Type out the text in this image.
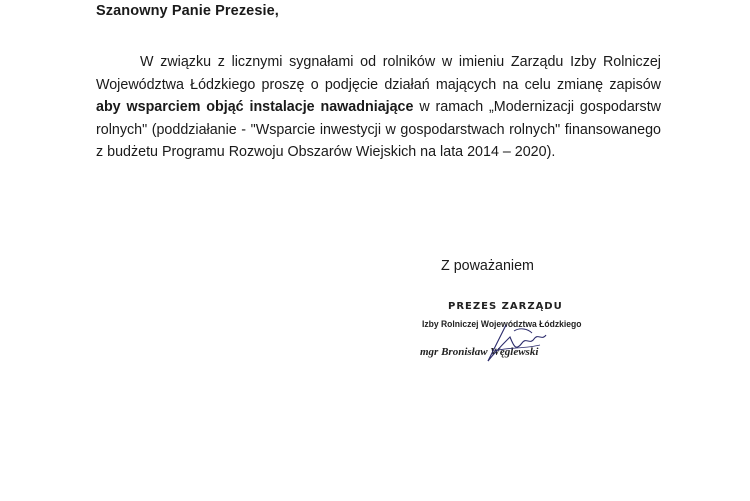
Szanowny Panie Prezesie,

W związku z licznymi sygnałami od rolników w imieniu Zarządu Izby Rolniczej Województwa Łódzkiego proszę o podjęcie działań mających na celu zmianę zapisów aby wsparciem objąć instalacje nawadniające w ramach „Modernizacji gospodarstw rolnych" (poddziałanie - "Wsparcie inwestycji w gospodarstwach rolnych" finansowanego z budżetu Programu Rozwoju Obszarów Wiejskich na lata 2014 – 2020).

Z poważaniem
PREZES ZARZĄDU
Izby Rolniczej Województwa Łódzkiego
mgr Bronisław Węglewski
